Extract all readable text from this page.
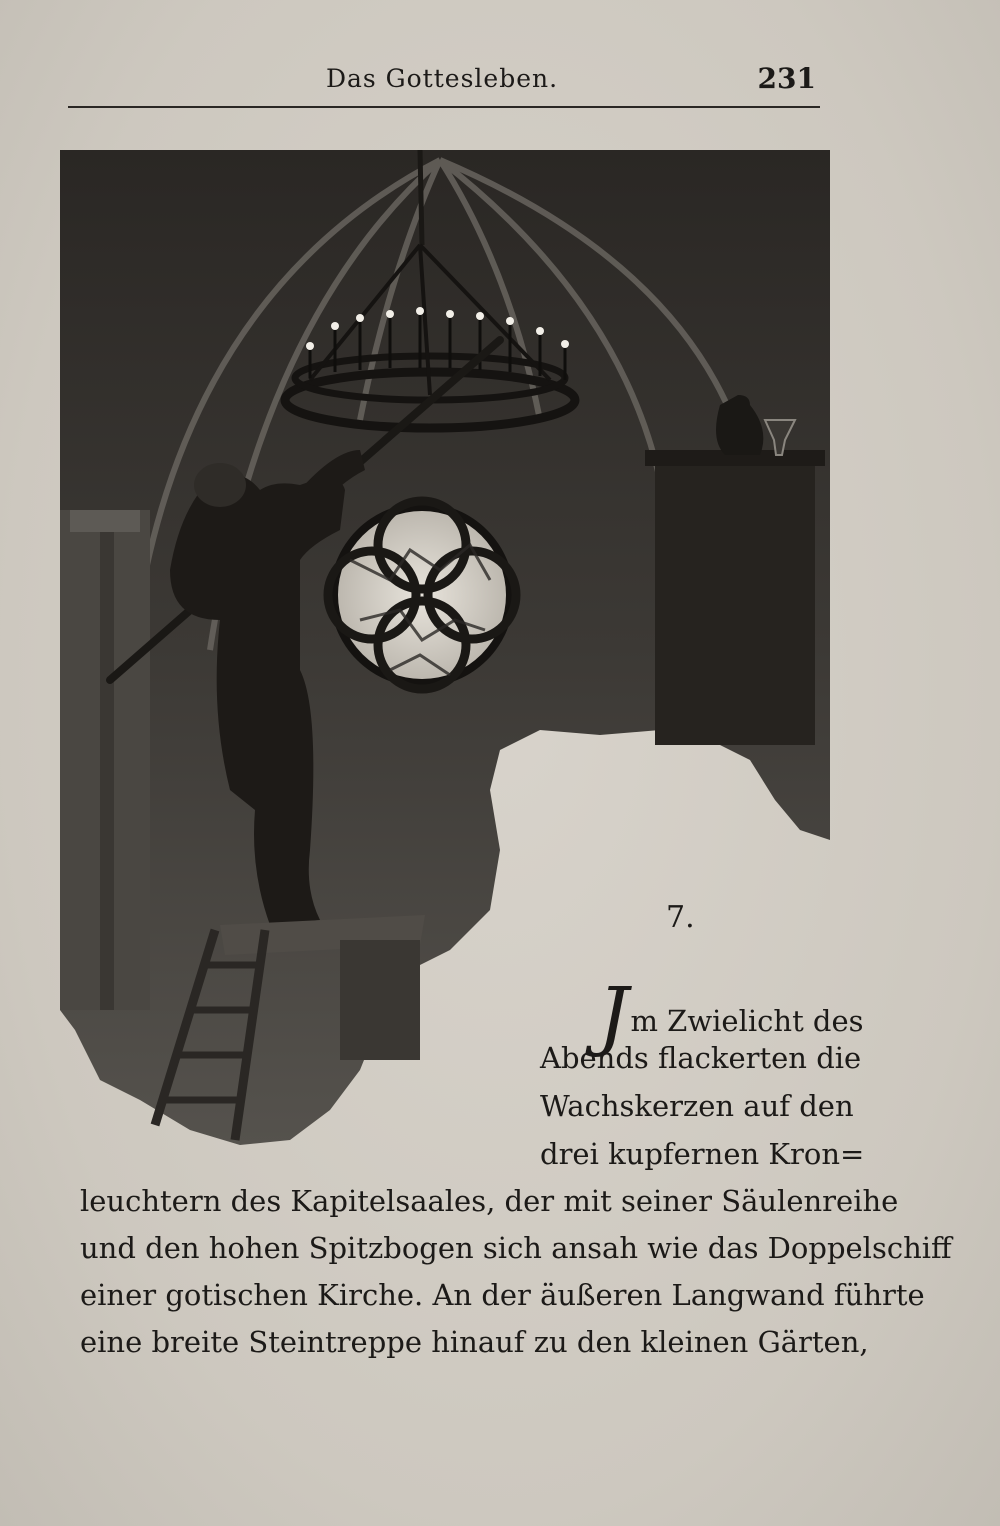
Das Gottesleben.	231
7.
Jm Zwielicht des
Abends flackerten die
Wachskerzen auf den
drei kupfernen Kron=
leuchtern des Kapitelsaales, der mit seiner Säulenreihe
und den hohen Spitzbogen sich ansah wie das Doppelschiff
einer gotischen Kirche. An der äußeren Langwand führte
eine breite Steintreppe hinauf zu den kleinen Gärten,
